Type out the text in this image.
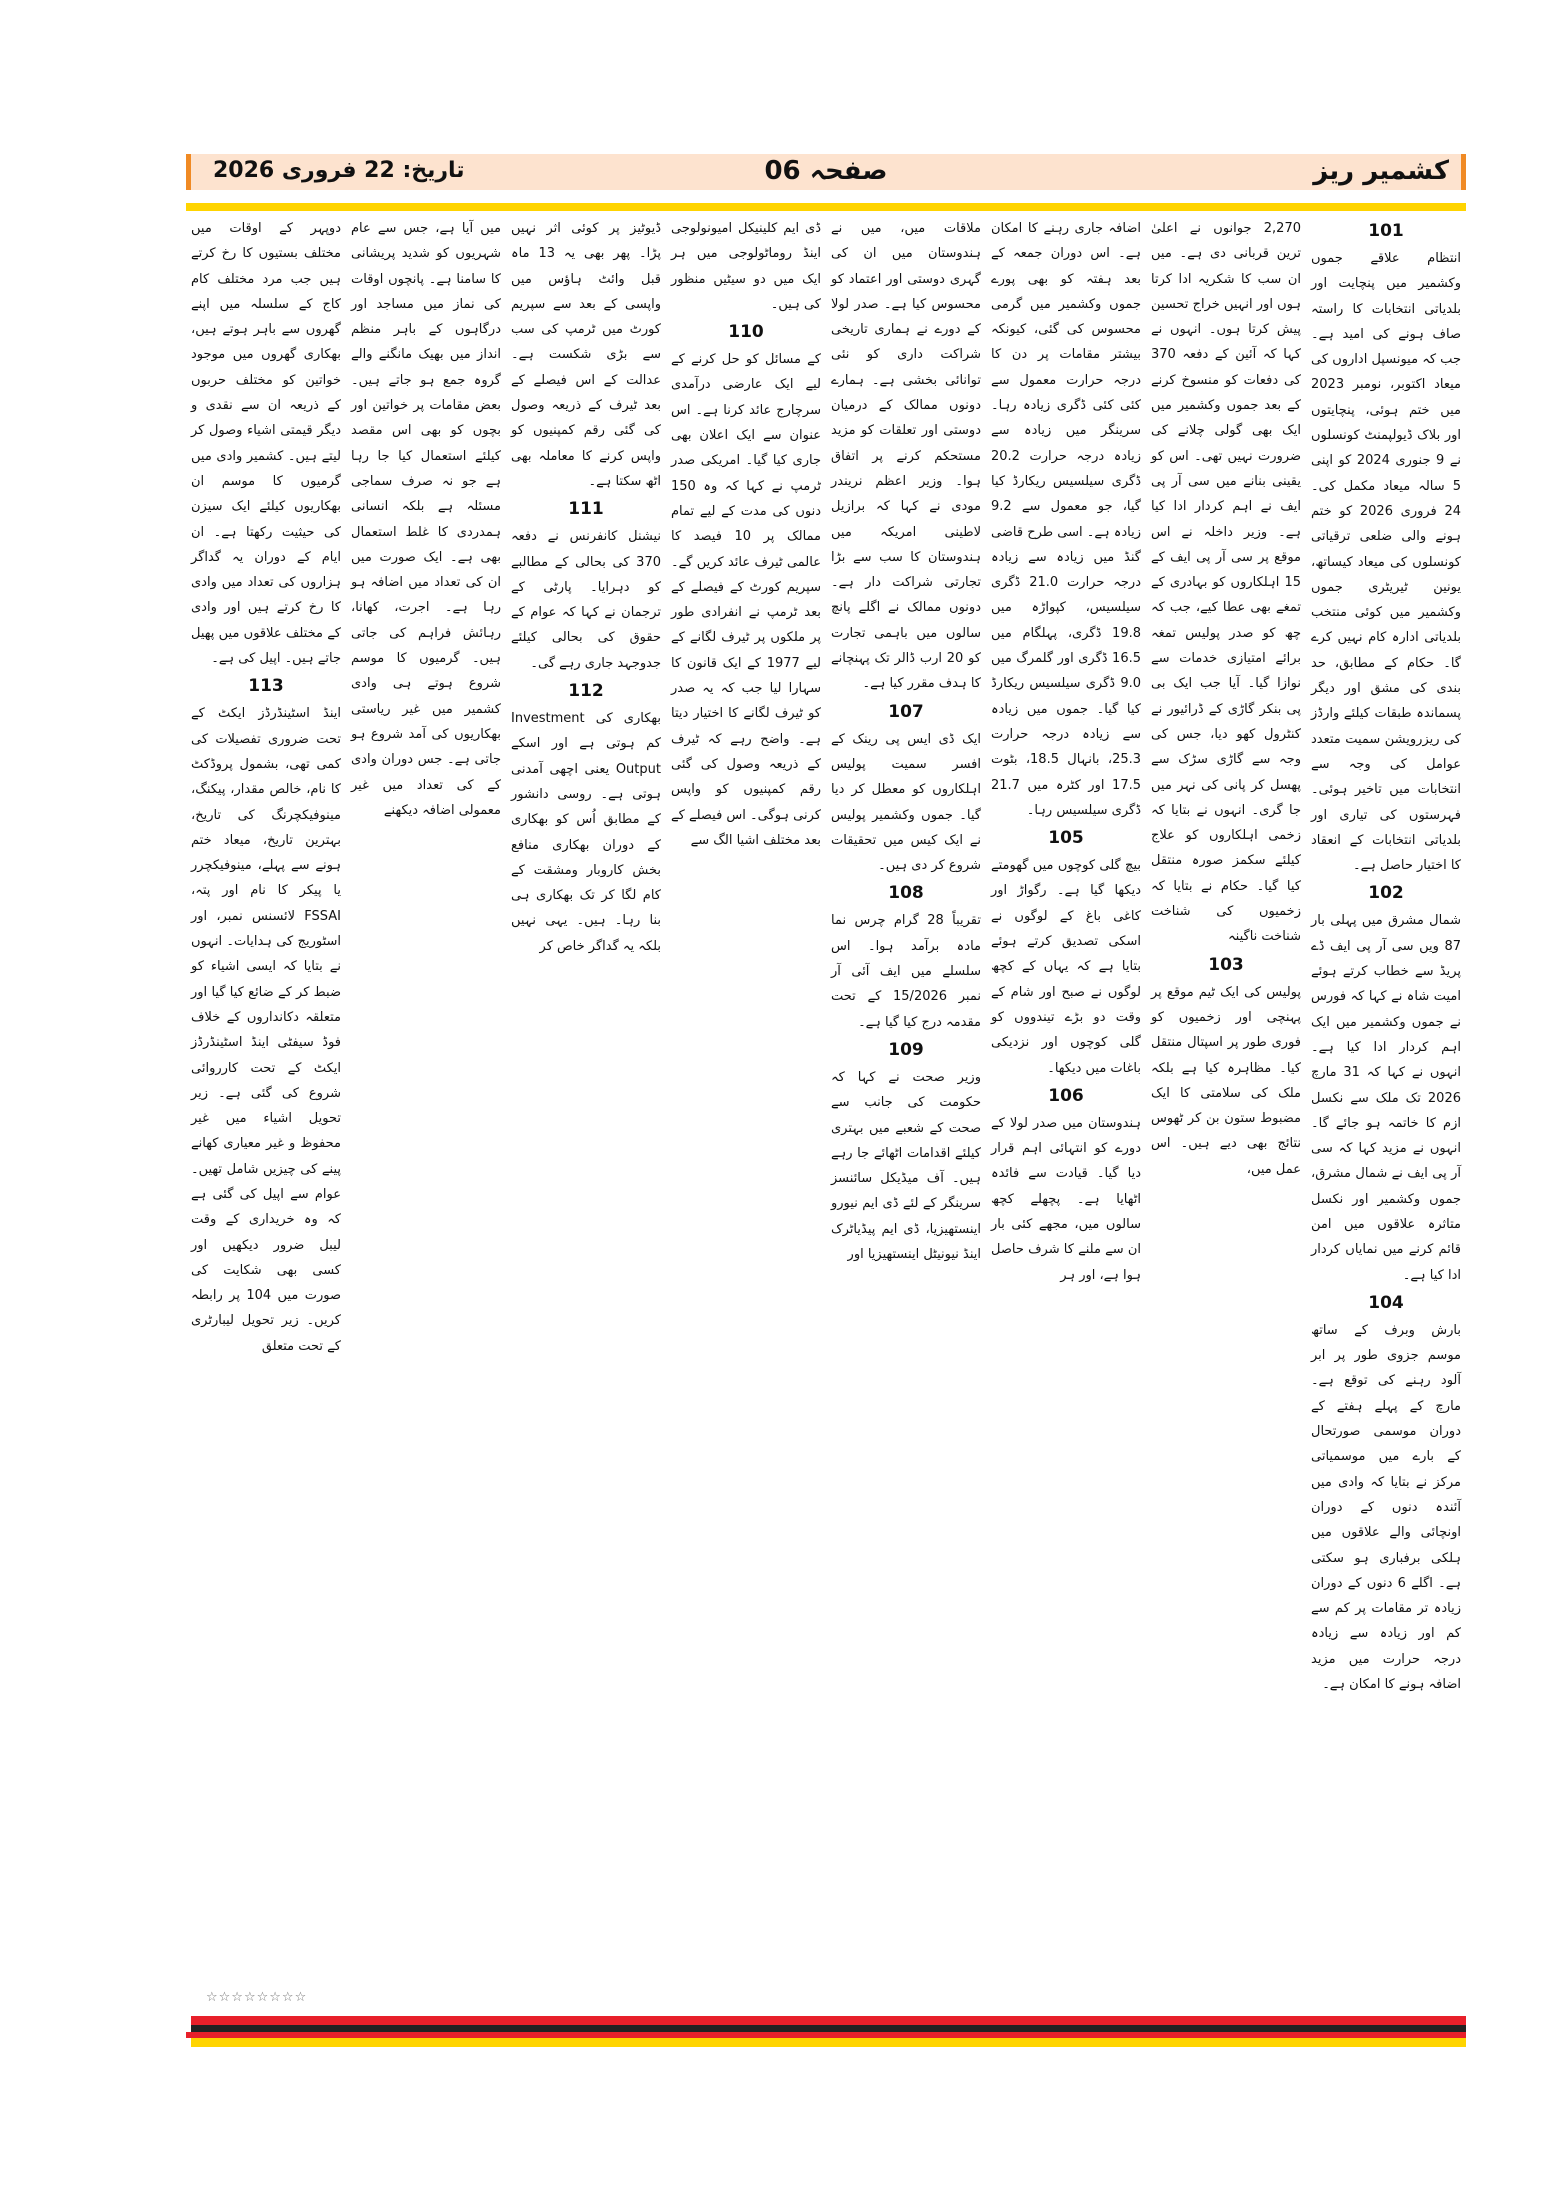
کشمیر ریز
صفحہ 06
تاریخ: 22 فروری 2026
101

انتظام علاقے جموں وکشمیر میں پنچایت اور بلدیاتی انتخابات کا راستہ صاف ہونے کی امید ہے۔ جب کہ میونسپل اداروں کی میعاد اکتوبر، نومبر 2023 میں ختم ہوئی، پنچایتوں اور بلاک ڈیولپمنٹ کونسلوں نے 9 جنوری 2024 کو اپنی 5 سالہ میعاد مکمل کی۔ 24 فروری 2026 کو ختم ہونے والی ضلعی ترقیاتی کونسلوں کی میعاد کیساتھ، یونین ٹیریٹری جموں وکشمیر میں کوئی منتخب بلدیاتی ادارہ کام نہیں کرے گا۔ حکام کے مطابق، حد بندی کی مشق اور دیگر پسماندہ طبقات کیلئے وارڈز کی ریزرویشن سمیت متعدد عوامل کی وجہ سے انتخابات میں تاخیر ہوئی۔ فہرستوں کی تیاری اور بلدیاتی انتخابات کے انعقاد کا اختیار حاصل ہے۔

102

شمال مشرق میں پہلی بار 87 ویں سی آر پی ایف ڈے پریڈ سے خطاب کرتے ہوئے امیت شاہ نے کہا کہ فورس نے جموں وکشمیر میں ایک اہم کردار ادا کیا ہے۔ انہوں نے کہا کہ 31 مارچ 2026 تک ملک سے نکسل ازم کا خاتمہ ہو جائے گا۔ انہوں نے مزید کہا کہ سی آر پی ایف نے شمال مشرق، جموں وکشمیر اور نکسل متاثرہ علاقوں میں امن قائم کرنے میں نمایاں کردار ادا کیا ہے۔

104

بارش وبرف کے ساتھ موسم جزوی طور پر ابر آلود رہنے کی توقع ہے۔ مارچ کے پہلے ہفتے کے دوران موسمی صورتحال کے بارے میں موسمیاتی مرکز نے بتایا کہ وادی میں آئندہ دنوں کے دوران اونچائی والے علاقوں میں ہلکی برفباری ہو سکتی ہے۔ اگلے 6 دنوں کے دوران زیادہ تر مقامات پر کم سے کم اور زیادہ سے زیادہ درجہ حرارت میں مزید اضافہ ہونے کا امکان ہے۔

2,270 جوانوں نے اعلیٰ ترین قربانی دی ہے۔ میں ان سب کا شکریہ ادا کرتا ہوں اور انہیں خراج تحسین پیش کرتا ہوں۔ انہوں نے کہا کہ آئین کے دفعہ 370 کی دفعات کو منسوخ کرنے کے بعد جموں وکشمیر میں ایک بھی گولی چلانے کی ضرورت نہیں تھی۔ اس کو یقینی بنانے میں سی آر پی ایف نے اہم کردار ادا کیا ہے۔ وزیر داخلہ نے اس موقع پر سی آر پی ایف کے 15 اہلکاروں کو بہادری کے تمغے بھی عطا کیے، جب کہ چھ کو صدر پولیس تمغہ برائے امتیازی خدمات سے نوازا گیا۔ آیا جب ایک بی پی بنکر گاڑی کے ڈرائیور نے کنٹرول کھو دیا، جس کی وجہ سے گاڑی سڑک سے پھسل کر پانی کی نہر میں جا گری۔ انہوں نے بتایا کہ زخمی اہلکاروں کو علاج کیلئے سکمز صورہ منتقل کیا گیا۔ حکام نے بتایا کہ زخمیوں کی شناخت شناخت ناگینہ

103

پولیس کی ایک ٹیم موقع پر پہنچی اور زخمیوں کو فوری طور پر اسپتال منتقل کیا۔ مظاہرہ کیا ہے بلکہ ملک کی سلامتی کا ایک مضبوط ستون بن کر ٹھوس نتائج بھی دیے ہیں۔ اس عمل میں،

اضافہ جاری رہنے کا امکان ہے۔ اس دوران جمعہ کے بعد ہفتہ کو بھی پورے جموں وکشمیر میں گرمی محسوس کی گئی، کیونکہ بیشتر مقامات پر دن کا درجہ حرارت معمول سے کئی کئی ڈگری زیادہ رہا۔ سرینگر میں زیادہ سے زیادہ درجہ حرارت 20.2 ڈگری سیلسیس ریکارڈ کیا گیا، جو معمول سے 9.2 زیادہ ہے۔ اسی طرح قاضی گنڈ میں زیادہ سے زیادہ درجہ حرارت 21.0 ڈگری سیلسیس، کپواڑہ میں 19.8 ڈگری، پہلگام میں 16.5 ڈگری اور گلمرگ میں 9.0 ڈگری سیلسیس ریکارڈ کیا گیا۔ جموں میں زیادہ سے زیادہ درجہ حرارت 25.3، بانہال 18.5، بٹوت 17.5 اور کٹرہ میں 21.7 ڈگری سیلسیس رہا۔

105

بیچ گلی کوچوں میں گھومتے دیکھا گیا ہے۔ رگواڑ اور کاغی باغ کے لوگوں نے اسکی تصدیق کرتے ہوئے بتایا ہے کہ یہاں کے کچھ لوگوں نے صبح اور شام کے وقت دو بڑے تیندووں کو گلی کوچوں اور نزدیکی باغات میں دیکھا۔

106

ہندوستان میں صدر لولا کے دورے کو انتہائی اہم قرار دیا گیا۔ قیادت سے فائدہ اٹھایا ہے۔ پچھلے کچھ سالوں میں، مجھے کئی بار ان سے ملنے کا شرف حاصل ہوا ہے، اور ہر

ملاقات میں، میں نے ہندوستان میں ان کی گہری دوستی اور اعتماد کو محسوس کیا ہے۔ صدر لولا کے دورے نے ہماری تاریخی شراکت داری کو نئی توانائی بخشی ہے۔ ہمارے دونوں ممالک کے درمیان دوستی اور تعلقات کو مزید مستحکم کرنے پر اتفاق ہوا۔ وزیر اعظم نریندر مودی نے کہا کہ برازیل لاطینی امریکہ میں ہندوستان کا سب سے بڑا تجارتی شراکت دار ہے۔ دونوں ممالک نے اگلے پانچ سالوں میں باہمی تجارت کو 20 ارب ڈالر تک پہنچانے کا ہدف مقرر کیا ہے۔

107

ایک ڈی ایس پی رینک کے افسر سمیت پولیس اہلکاروں کو معطل کر دیا گیا۔ جموں وکشمیر پولیس نے ایک کیس میں تحقیقات شروع کر دی ہیں۔

108

تقریباً 28 گرام چرس نما مادہ برآمد ہوا۔ اس سلسلے میں ایف آئی آر نمبر 15/2026 کے تحت مقدمہ درج کیا گیا ہے۔

109

وزیر صحت نے کہا کہ حکومت کی جانب سے صحت کے شعبے میں بہتری کیلئے اقدامات اٹھائے جا رہے ہیں۔ آف میڈیکل سائنسز سرینگر کے لئے ڈی ایم نیورو اینستھیزیا، ڈی ایم پیڈیاٹرک اینڈ نیونیٹل اینستھیزیا اور

ڈی ایم کلینیکل امیونولوجی اینڈ روماٹولوجی میں ہر ایک میں دو سیٹیں منظور کی ہیں۔

110

کے مسائل کو حل کرنے کے لیے ایک عارضی درآمدی سرچارج عائد کرنا ہے۔ اس عنوان سے ایک اعلان بھی جاری کیا گیا۔ امریکی صدر ٹرمپ نے کہا کہ وہ 150 دنوں کی مدت کے لیے تمام ممالک پر 10 فیصد کا عالمی ٹیرف عائد کریں گے۔ سپریم کورٹ کے فیصلے کے بعد ٹرمپ نے انفرادی طور پر ملکوں پر ٹیرف لگانے کے لیے 1977 کے ایک قانون کا سہارا لیا جب کہ یہ صدر کو ٹیرف لگانے کا اختیار دیتا ہے۔ واضح رہے کہ ٹیرف کے ذریعہ وصول کی گئی رقم کمپنیوں کو واپس کرنی ہوگی۔ اس فیصلے کے بعد مختلف اشیا الگ سے

ڈیوٹیز پر کوئی اثر نہیں پڑا۔ پھر بھی یہ 13 ماہ قبل وائٹ ہاؤس میں واپسی کے بعد سے سپریم کورٹ میں ٹرمپ کی سب سے بڑی شکست ہے۔ عدالت کے اس فیصلے کے بعد ٹیرف کے ذریعہ وصول کی گئی رقم کمپنیوں کو واپس کرنے کا معاملہ بھی اٹھ سکتا ہے۔

111

نیشنل کانفرنس نے دفعہ 370 کی بحالی کے مطالبے کو دہرایا۔ پارٹی کے ترجمان نے کہا کہ عوام کے حقوق کی بحالی کیلئے جدوجہد جاری رہے گی۔

112

بھکاری کی Investment کم ہوتی ہے اور اسکے Output یعنی اچھی آمدنی ہوتی ہے۔ روسی دانشور کے مطابق اُس کو بھکاری کے دوران بھکاری منافع بخش کاروبار ومشقت کے کام لگا کر تک بھکاری ہی بنا رہا۔ ہیں۔ یہی نہیں بلکہ یہ گداگر خاص کر

میں آیا ہے، جس سے عام شہریوں کو شدید پریشانی کا سامنا ہے۔ پانچوں اوقات کی نماز میں مساجد اور درگاہوں کے باہر منظم انداز میں بھیک مانگنے والے گروہ جمع ہو جاتے ہیں۔ بعض مقامات پر خواتین اور بچوں کو بھی اس مقصد کیلئے استعمال کیا جا رہا ہے جو نہ صرف سماجی مسئلہ ہے بلکہ انسانی ہمدردی کا غلط استعمال بھی ہے۔ ایک صورت میں ان کی تعداد میں اضافہ ہو رہا ہے۔ اجرت، کھانا، رہائش فراہم کی جاتی ہیں۔ گرمیوں کا موسم شروع ہوتے ہی وادی کشمیر میں غیر ریاستی بھکاریوں کی آمد شروع ہو جاتی ہے۔ جس دوران وادی کے کی تعداد میں غیر معمولی اضافہ دیکھنے

دوپہر کے اوقات میں مختلف بستیوں کا رخ کرتے ہیں جب مرد مختلف کام کاج کے سلسلہ میں اپنے گھروں سے باہر ہوتے ہیں، بھکاری گھروں میں موجود خواتین کو مختلف حربوں کے ذریعہ ان سے نقدی و دیگر قیمتی اشیاء وصول کر لیتے ہیں۔ کشمیر وادی میں گرمیوں کا موسم ان بھکاریوں کیلئے ایک سیزن کی حیثیت رکھتا ہے۔ ان ایام کے دوران یہ گداگر ہزاروں کی تعداد میں وادی کا رخ کرتے ہیں اور وادی کے مختلف علاقوں میں پھیل جاتے ہیں۔ اپیل کی ہے۔

113

اینڈ اسٹینڈرڈز ایکٹ کے تحت ضروری تفصیلات کی کمی تھی، بشمول پروڈکٹ کا نام، خالص مقدار، پیکنگ، مینوفیکچرنگ کی تاریخ، بہترین تاریخ، میعاد ختم ہونے سے پہلے، مینوفیکچرر یا پیکر کا نام اور پتہ، FSSAI لائسنس نمبر، اور اسٹوریج کی ہدایات۔ انہوں نے بتایا کہ ایسی اشیاء کو ضبط کر کے ضائع کیا گیا اور متعلقہ دکانداروں کے خلاف فوڈ سیفٹی اینڈ اسٹینڈرڈز ایکٹ کے تحت کارروائی شروع کی گئی ہے۔ زیر تحویل اشیاء میں غیر محفوظ و غیر معیاری کھانے پینے کی چیزیں شامل تھیں۔ عوام سے اپیل کی گئی ہے کہ وہ خریداری کے وقت لیبل ضرور دیکھیں اور کسی بھی شکایت کی صورت میں 104 پر رابطہ کریں۔ زیر تحویل لیبارٹری کے تحت متعلق

☆☆☆☆☆☆☆☆
